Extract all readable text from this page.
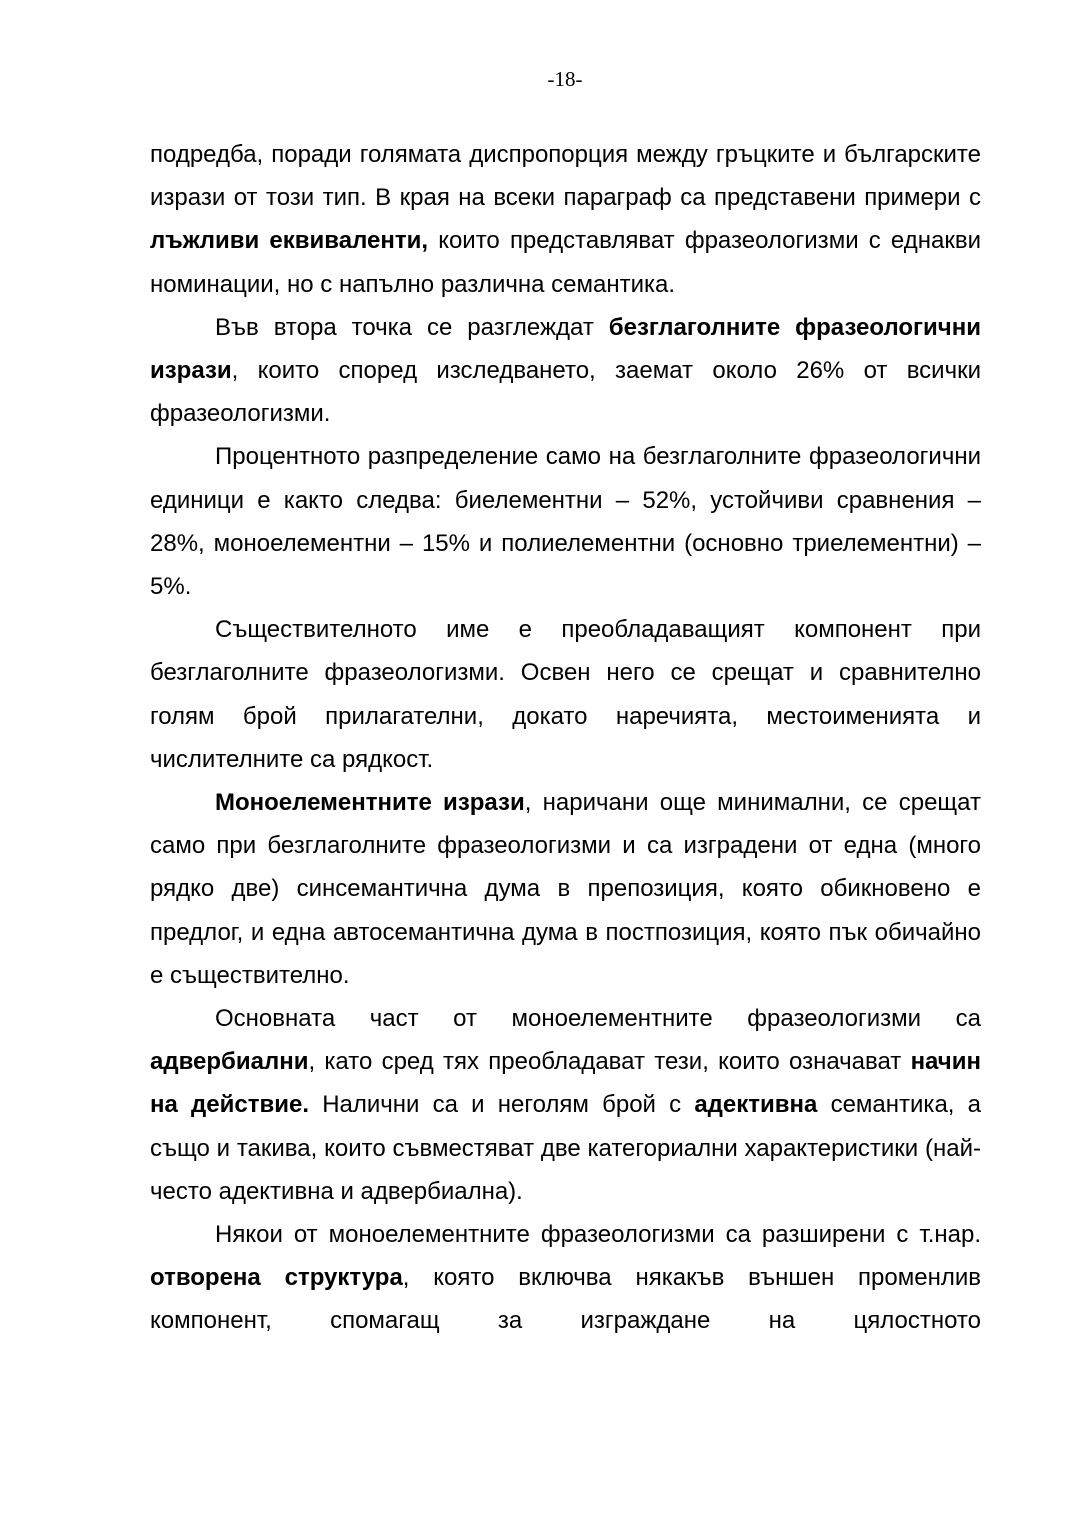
-18-

подредба, поради голямата диспропорция между гръцките и българските изрази от този тип. В края на всеки параграф са представени примери с лъжливи еквиваленти, които представляват фразеологизми с еднакви номинации, но с напълно различна семантика.

Във втора точка се разглеждат безглаголните фразеологични изрази, които според изследването, заемат около 26% от всички фразеологизми.

Процентното разпределение само на безглаголните фразеологични единици е както следва: биелементни – 52%, устойчиви сравнения – 28%, моноелементни – 15% и полиелементни (основно триелементни) – 5%.

Съществителното име е преобладаващият компонент при безглаголните фразеологизми. Освен него се срещат и сравнително голям брой прилагателни, докато наречията, местоименията и числителните са рядкост.

Моноелементните изрази, наричани още минимални, се срещат само при безглаголните фразеологизми и са изградени от една (много рядко две) синсемантична дума в препозиция, която обикновено е предлог, и една автосемантична дума в постпозиция, която пък обичайно е съществително.

Основната част от моноелементните фразеологизми са адвербиални, като сред тях преобладават тези, които означават начин на действие. Налични са и неголям брой с адективна семантика, а също и такива, които съвместяват две категориални характеристики (най-често адективна и адвербиална).

Някои от моноелементните фразеологизми са разширени с т.нар. отворена структура, която включва някакъв външен променлив компонент, спомагащ за изграждане на цялостното
